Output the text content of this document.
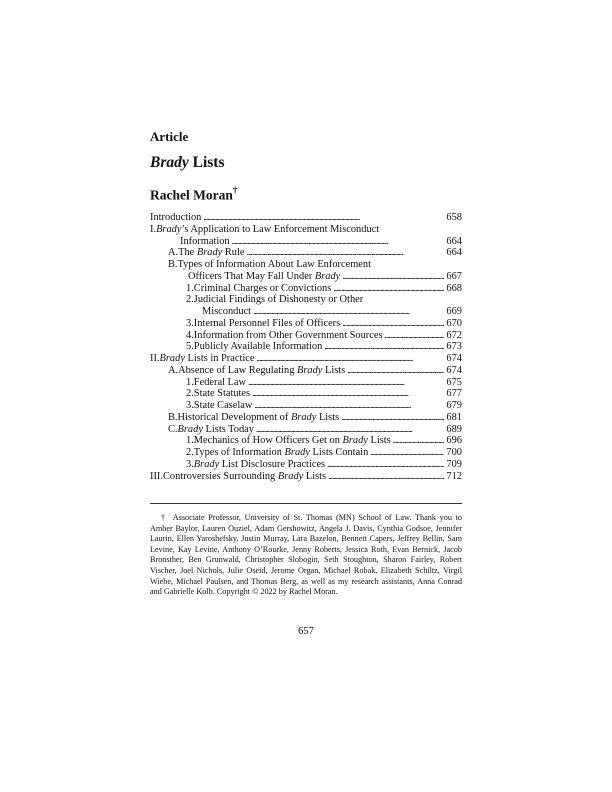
Article
Brady Lists
Rachel Moran†
Introduction . . .	658
I.Brady’s Application to Law Enforcement Misconduct
Information . . .	664
A.The Brady Rule . . .	664
B.Types of Information About Law Enforcement
Officers That May Fall Under Brady . . .	667
1.Criminal Charges or Convictions . . .	668
2.Judicial Findings of Dishonesty or Other
Misconduct . . .	669
3.Internal Personnel Files of Officers . . .	670
4.Information from Other Government Sources . . .	672
5.Publicly Available Information . . .	673
II.Brady Lists in Practice . . .	674
A.Absence of Law Regulating Brady Lists . . .	674
1.Federal Law . . .	675
2.State Statutes . . .	677
3.State Caselaw . . .	679
B.Historical Development of Brady Lists . . .	681
C.Brady Lists Today . . .	689
1.Mechanics of How Officers Get on Brady Lists . . .	696
2.Types of Information Brady Lists Contain . . .	700
3.Brady List Disclosure Practices . . .	709
III.Controversies Surrounding Brady Lists . . .	712
† Associate Professor, University of St. Thomas (MN) School of Law. Thank you to Amber Baylor, Lauren Ouziel, Adam Gershowitz, Angela J. Davis, Cynthia Godsoe, Jennifer Laurin, Ellen Yaroshefsky, Justin Murray, Lara Bazelon, Bennett Capers, Jeffrey Bellin, Sam Levine, Kay Levine, Anthony O’Rourke, Jenny Roberts, Jessica Roth, Evan Bernick, Jacob Bronsther, Ben Grunwald, Christopher Slobogin, Seth Stoughton, Sharon Fairley, Robert Vischer, Joel Nichols, Julie Oseid, Jerome Organ, Michael Robak, Elizabeth Schiltz, Virgil Wiebe, Michael Paulsen, and Thomas Berg, as well as my research assistants, Anna Conrad and Gabrielle Kolb. Copyright © 2022 by Rachel Moran.
657
